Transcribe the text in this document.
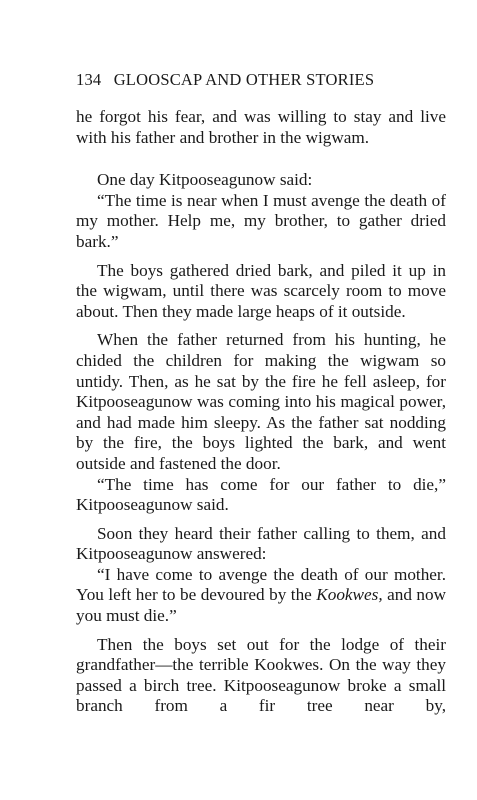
134 GLOOSCAP AND OTHER STORIES

he forgot his fear, and was willing to stay and live with his father and brother in the wigwam.

One day Kitpooseagunow said:

“The time is near when I must avenge the death of my mother. Help me, my brother, to gather dried bark.”

The boys gathered dried bark, and piled it up in the wigwam, until there was scarcely room to move about. Then they made large heaps of it outside.

When the father returned from his hunting, he chided the children for making the wigwam so untidy. Then, as he sat by the fire he fell asleep, for Kitpooseagunow was coming into his magical power, and had made him sleepy. As the father sat nodding by the fire, the boys lighted the bark, and went outside and fastened the door.

“The time has come for our father to die,” Kitpooseagunow said.

Soon they heard their father calling to them, and Kitpooseagunow answered:

“I have come to avenge the death of our mother. You left her to be devoured by the Kookwes, and now you must die.”

Then the boys set out for the lodge of their grandfather—the terrible Kookwes. On the way they passed a birch tree. Kitpooseagunow broke a small branch from a fir tree near by,
